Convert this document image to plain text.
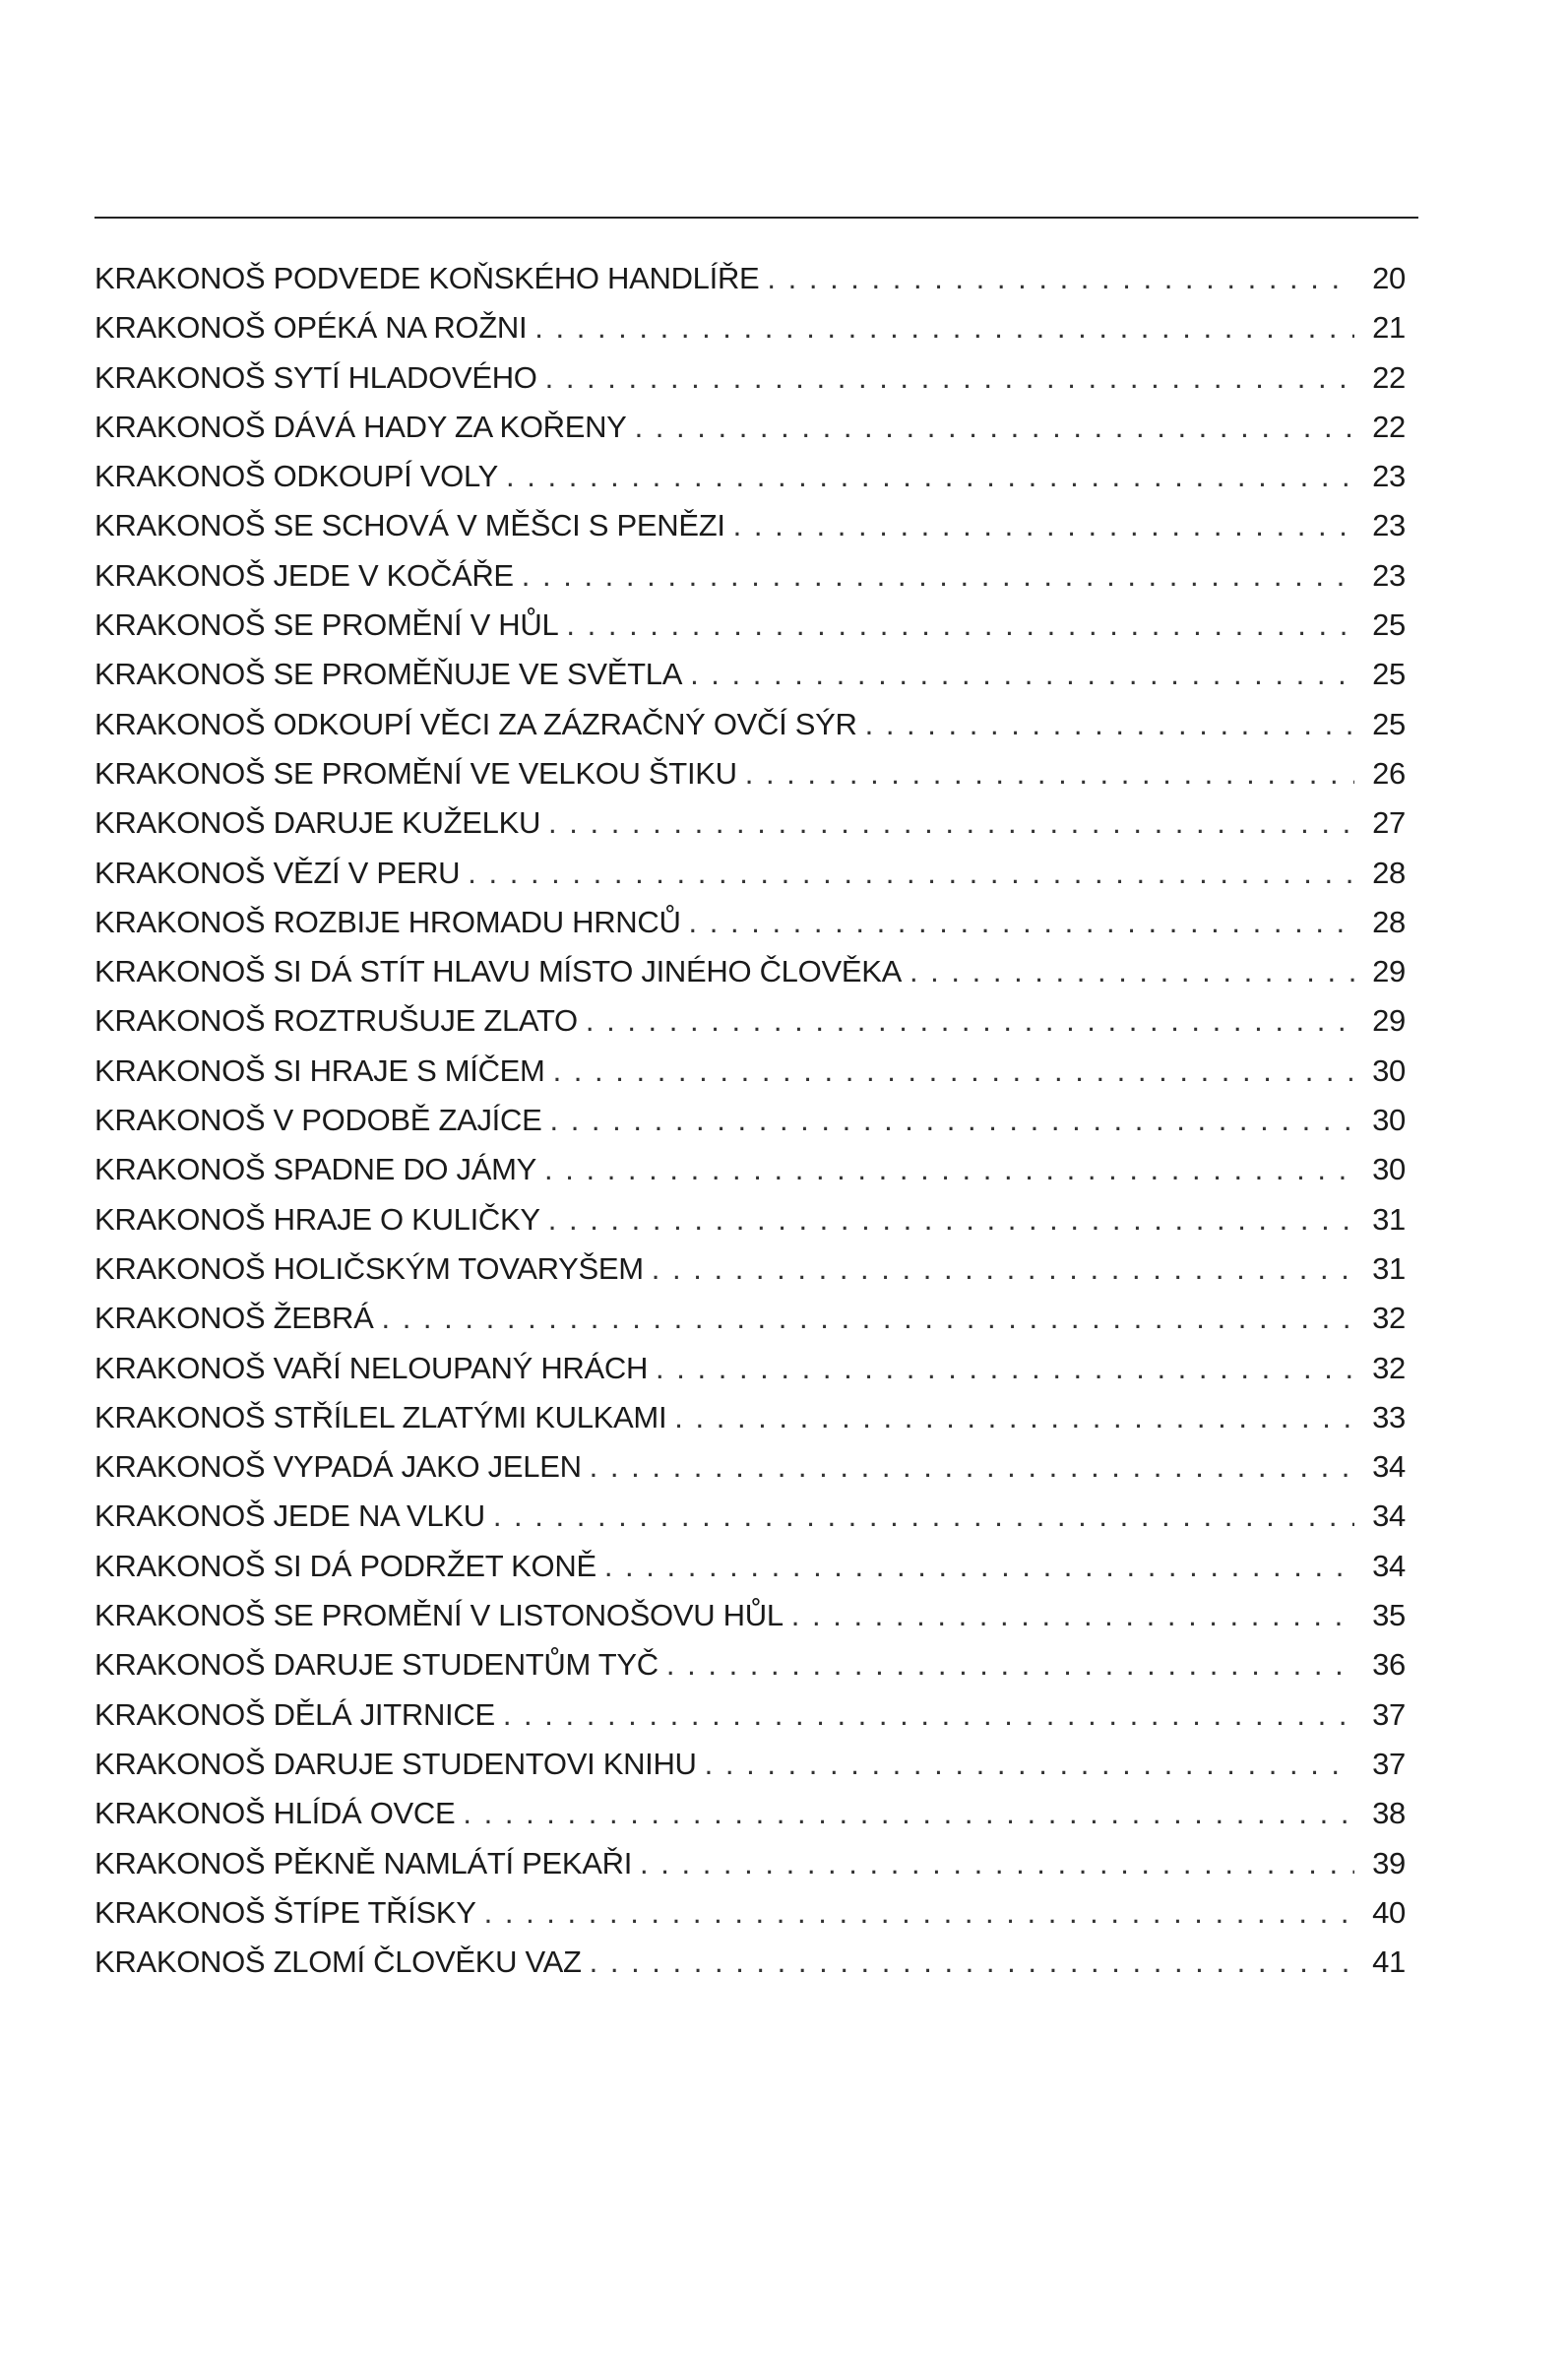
KRAKONOŠ PODVEDE KOŇSKÉHO HANDLÍŘE . . .	20
KRAKONOŠ OPÉKÁ NA ROŽNI . . .	21
KRAKONOŠ SYTÍ HLADOVÉHO . . .	22
KRAKONOŠ DÁVÁ HADY ZA KOŘENY . . .	22
KRAKONOŠ ODKOUPÍ VOLY . . .	23
KRAKONOŠ SE SCHOVÁ V MĚŠCI S PENĚZI . . .	23
KRAKONOŠ JEDE V KOČÁŘE . . .	23
KRAKONOŠ SE PROMĚNÍ V HŮL . . .	25
KRAKONOŠ SE PROMĚŇUJE VE SVĚTLA . . .	25
KRAKONOŠ ODKOUPÍ VĚCI ZA ZÁZRAČNÝ OVČÍ SÝR . . .	25
KRAKONOŠ SE PROMĚNÍ VE VELKOU ŠTIKU . . .	26
KRAKONOŠ DARUJE KUŽELKU . . .	27
KRAKONOŠ VĚZÍ V PERU . . .	28
KRAKONOŠ ROZBIJE HROMADU HRNCŮ . . .	28
KRAKONOŠ SI DÁ STÍT HLAVU MÍSTO JINÉHO ČLOVĚKA . . .	29
KRAKONOŠ ROZTRUŠUJE ZLATO . . .	29
KRAKONOŠ SI HRAJE S MÍČEM . . .	30
KRAKONOŠ V PODOBĚ ZAJÍCE . . .	30
KRAKONOŠ SPADNE DO JÁMY . . .	30
KRAKONOŠ HRAJE O KULIČKY . . .	31
KRAKONOŠ HOLIČSKÝM TOVARYŠEM . . .	31
KRAKONOŠ ŽEBRÁ . . .	32
KRAKONOŠ VAŘÍ NELOUPANÝ HRÁCH . . .	32
KRAKONOŠ STŘÍLEL ZLATÝMI KULKAMI . . .	33
KRAKONOŠ VYPADÁ JAKO JELEN . . .	34
KRAKONOŠ JEDE NA VLKU . . .	34
KRAKONOŠ SI DÁ PODRŽET KONĚ . . .	34
KRAKONOŠ SE PROMĚNÍ V LISTONOŠOVU HŮL . . .	35
KRAKONOŠ DARUJE STUDENTŮM TYČ . . .	36
KRAKONOŠ DĚLÁ JITRNICE . . .	37
KRAKONOŠ DARUJE STUDENTOVI KNIHU . . .	37
KRAKONOŠ HLÍDÁ OVCE . . .	38
KRAKONOŠ PĚKNĚ NAMLÁTÍ PEKAŘI . . .	39
KRAKONOŠ ŠTÍPE TŘÍSKY . . .	40
KRAKONOŠ ZLOMÍ ČLOVĚKU VAZ . . .	41
